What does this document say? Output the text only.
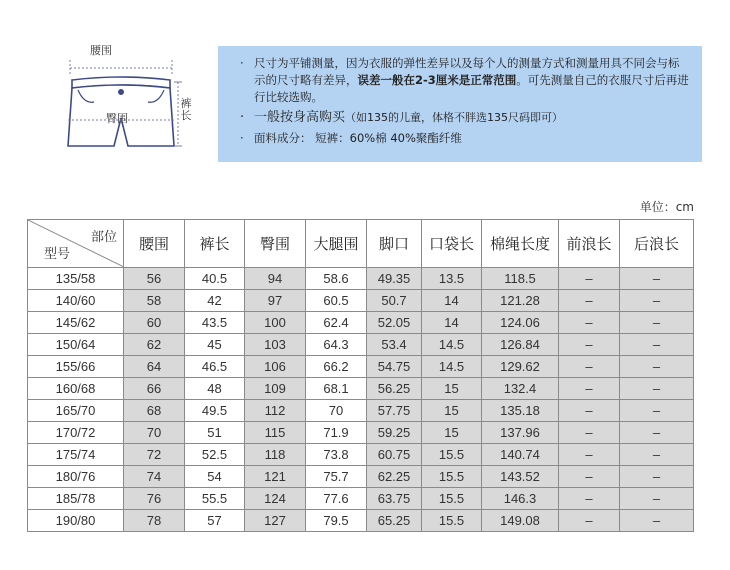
腰围
臀围
裤长
· 尺寸为平铺测量，因为衣服的弹性差异以及每个人的测量方式和测量用具不同会与标示的尺寸略有差异，误差一般在2-3厘米是正常范围。可先测量自己的衣服尺寸后再进行比较选购。
· 一般按身高购买（如135的儿童，体格不胖选135尺码即可）
· 面料成分： 短裤：60%棉 40%聚酯纤维
单位：cm
部位
型号	腰围	裤长	臀围	大腿围	脚口	口袋长	棉绳长度	前浪长	后浪长
135/58	56	40.5	94	58.6	49.35	13.5	118.5	–	–
140/60	58	42	97	60.5	50.7	14	121.28	–	–
145/62	60	43.5	100	62.4	52.05	14	124.06	–	–
150/64	62	45	103	64.3	53.4	14.5	126.84	–	–
155/66	64	46.5	106	66.2	54.75	14.5	129.62	–	–
160/68	66	48	109	68.1	56.25	15	132.4	–	–
165/70	68	49.5	112	70	57.75	15	135.18	–	–
170/72	70	51	115	71.9	59.25	15	137.96	–	–
175/74	72	52.5	118	73.8	60.75	15.5	140.74	–	–
180/76	74	54	121	75.7	62.25	15.5	143.52	–	–
185/78	76	55.5	124	77.6	63.75	15.5	146.3	–	–
190/80	78	57	127	79.5	65.25	15.5	149.08	–	–
